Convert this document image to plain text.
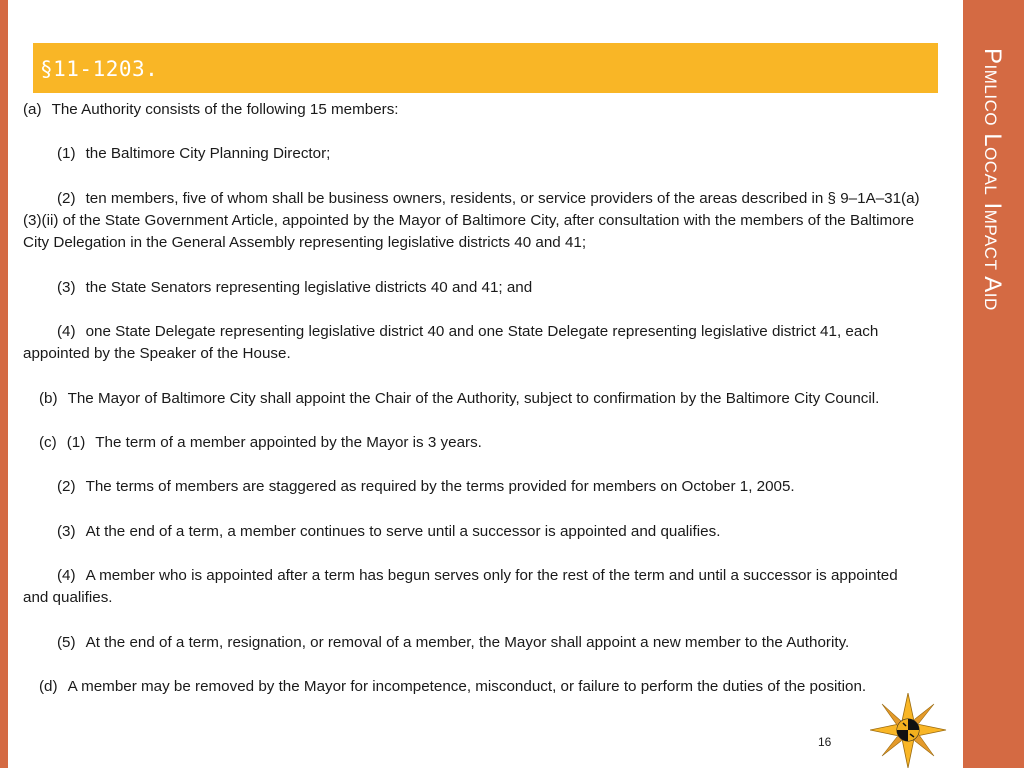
§11-1203.	Pimlico Local Impact Aid

(a) The Authority consists of the following 15 members:

(1) the Baltimore City Planning Director;

(2) ten members, five of whom shall be business owners, residents, or service providers of the areas described in § 9–1A–31(a)(3)(ii) of the State Government Article, appointed by the Mayor of Baltimore City, after consultation with the members of the Baltimore City Delegation in the General Assembly representing legislative districts 40 and 41;

(3) the State Senators representing legislative districts 40 and 41; and

(4) one State Delegate representing legislative district 40 and one State Delegate representing legislative district 41, each appointed by the Speaker of the House.

(b) The Mayor of Baltimore City shall appoint the Chair of the Authority, subject to confirmation by the Baltimore City Council.

(c) (1) The term of a member appointed by the Mayor is 3 years.

(2) The terms of members are staggered as required by the terms provided for members on October 1, 2005.

(3) At the end of a term, a member continues to serve until a successor is appointed and qualifies.

(4) A member who is appointed after a term has begun serves only for the rest of the term and until a successor is appointed and qualifies.

(5) At the end of a term, resignation, or removal of a member, the Mayor shall appoint a new member to the Authority.

(d) A member may be removed by the Mayor for incompetence, misconduct, or failure to perform the duties of the position.

16
